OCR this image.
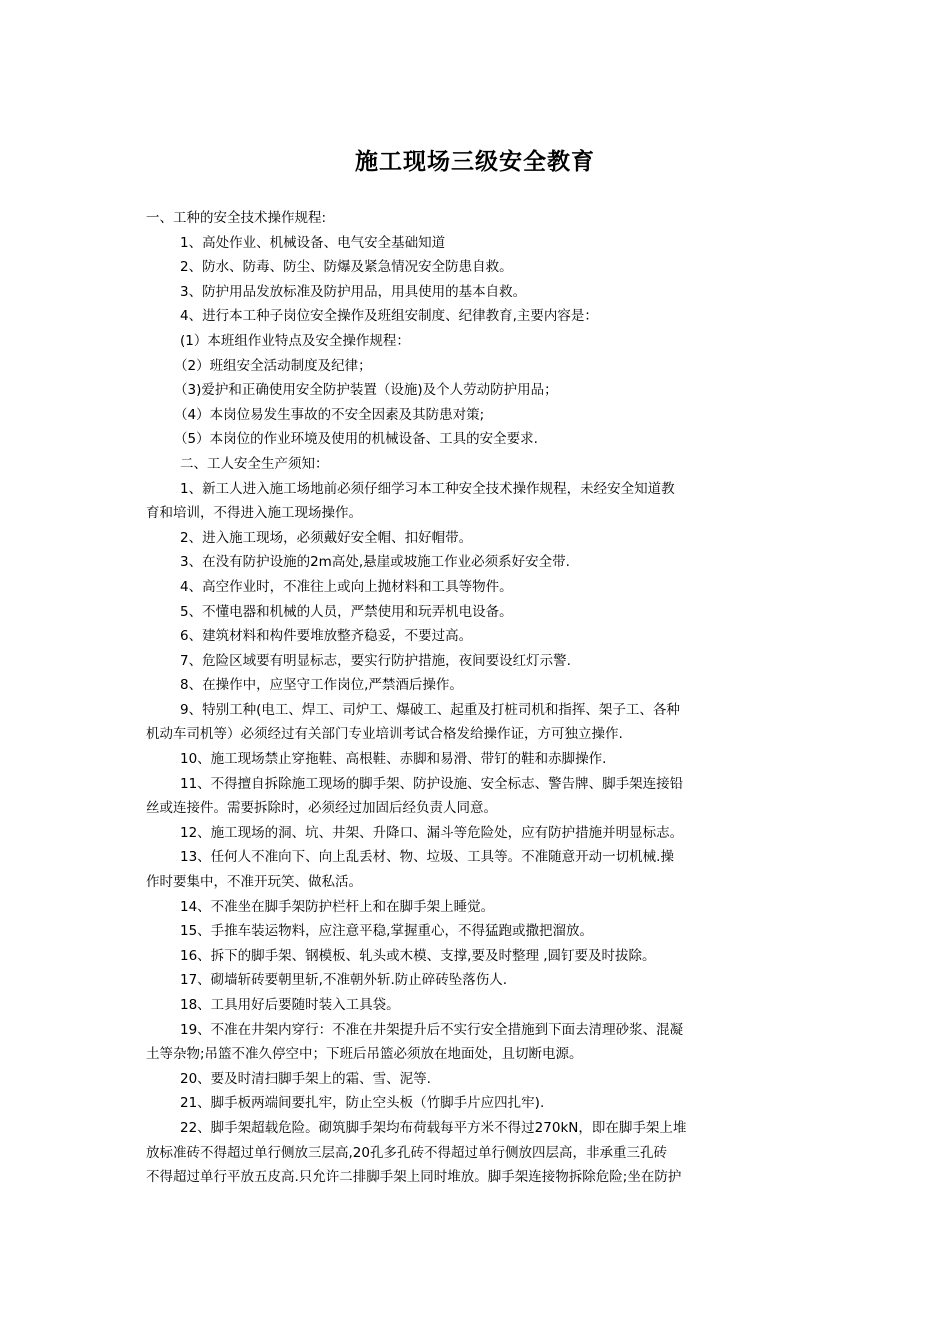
施工现场三级安全教育
一、工种的安全技术操作规程:
1、高处作业、机械设备、电气安全基础知道
2、防水、防毒、防尘、防爆及紧急情况安全防患自救。
3、防护用品发放标准及防护用品，用具使用的基本自救。
4、进行本工种子岗位安全操作及班组安制度、纪律教育,主要内容是：
(1）本班组作业特点及安全操作规程：
（2）班组安全活动制度及纪律；
（3)爱护和正确使用安全防护装置（设施)及个人劳动防护用品；
（4）本岗位易发生事故的不安全因素及其防患对策;
（5）本岗位的作业环境及使用的机械设备、工具的安全要求.
二、工人安全生产须知：
1、新工人进入施工场地前必须仔细学习本工种安全技术操作规程，未经安全知道教
育和培训，不得进入施工现场操作。
2、进入施工现场，必须戴好安全帽、扣好帽带。
3、在没有防护设施的2m高处,悬崖或坡施工作业必须系好安全带.
4、高空作业时，不准往上或向上抛材料和工具等物件。
5、不懂电器和机械的人员，严禁使用和玩弄机电设备。
6、建筑材料和构件要堆放整齐稳妥，不要过高。
7、危险区域要有明显标志，要实行防护措施，夜间要设红灯示警.
8、在操作中，应坚守工作岗位,严禁酒后操作。
9、特别工种(电工、焊工、司炉工、爆破工、起重及打桩司机和指挥、架子工、各种
机动车司机等）必须经过有关部门专业培训考试合格发给操作证，方可独立操作.
10、施工现场禁止穿拖鞋、高根鞋、赤脚和易滑、带钉的鞋和赤脚操作.
11、不得擅自拆除施工现场的脚手架、防护设施、安全标志、警告牌、脚手架连接铅
丝或连接件。需要拆除时，必须经过加固后经负责人同意。
12、施工现场的洞、坑、井架、升降口、漏斗等危险处，应有防护措施并明显标志。
13、任何人不准向下、向上乱丢材、物、垃圾、工具等。不准随意开动一切机械.操
作时要集中，不准开玩笑、做私活。
14、不准坐在脚手架防护栏杆上和在脚手架上睡觉。
15、手推车装运物料，应注意平稳,掌握重心，不得猛跑或撒把溜放。
16、拆下的脚手架、钢模板、轧头或木模、支撑,要及时整理 ,圆钉要及时拔除。
17、砌墙斩砖要朝里斩,不准朝外斩.防止碎砖坠落伤人.
18、工具用好后要随时装入工具袋。
19、不准在井架内穿行：不准在井架提升后不实行安全措施到下面去清理砂浆、混凝
土等杂物;吊篮不准久停空中；下班后吊篮必须放在地面处，且切断电源。
20、要及时清扫脚手架上的霜、雪、泥等.
21、脚手板两端间要扎牢，防止空头板（竹脚手片应四扎牢).
22、脚手架超载危险。砌筑脚手架均布荷载每平方米不得过270kN，即在脚手架上堆
放标准砖不得超过单行侧放三层高,20孔多孔砖不得超过单行侧放四层高，非承重三孔砖
不得超过单行平放五皮高.只允许二排脚手架上同时堆放。脚手架连接物拆除危险;坐在防护
